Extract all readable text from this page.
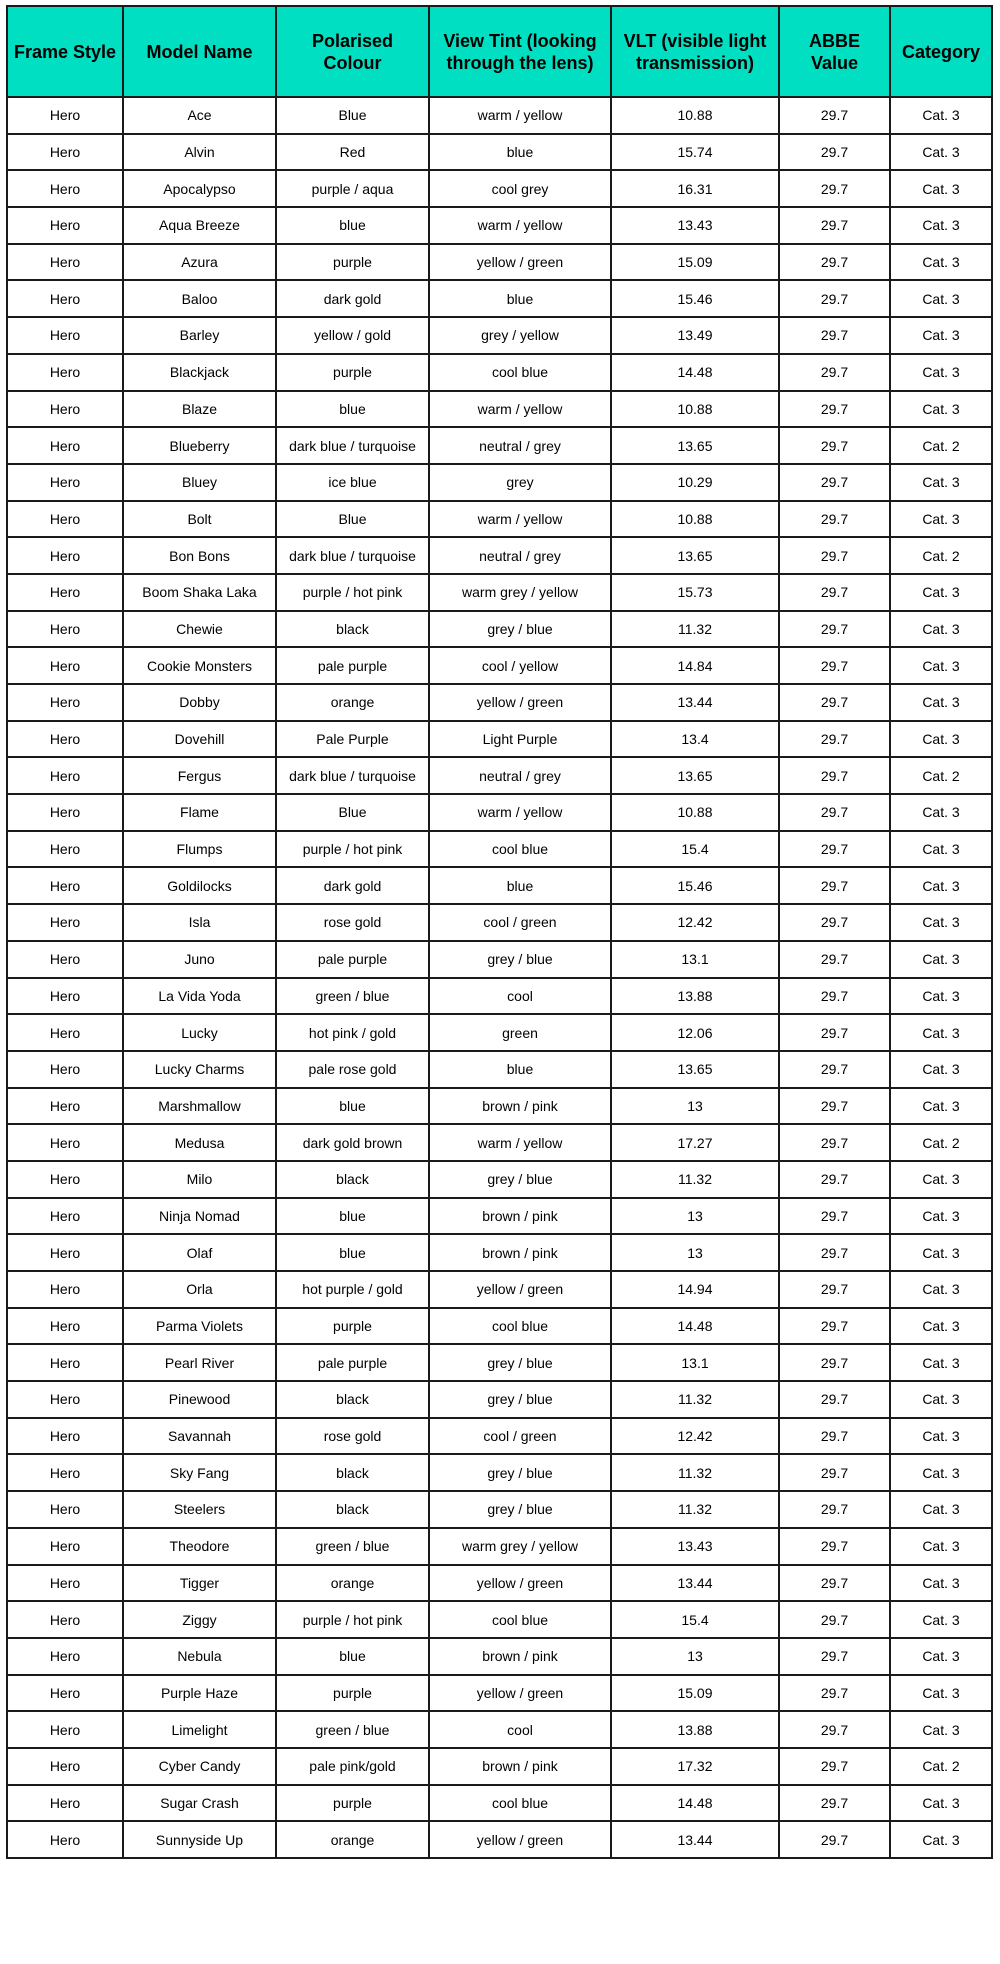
Frame Style	Model Name	Polarised Colour	View Tint (looking through the lens)	VLT (visible light transmission)	ABBE Value	Category
Hero	Ace	Blue	warm / yellow	10.88	29.7	Cat. 3
Hero	Alvin	Red	blue	15.74	29.7	Cat. 3
Hero	Apocalypso	purple / aqua	cool grey	16.31	29.7	Cat. 3
Hero	Aqua Breeze	blue	warm / yellow	13.43	29.7	Cat. 3
Hero	Azura	purple	yellow / green	15.09	29.7	Cat. 3
Hero	Baloo	dark gold	blue	15.46	29.7	Cat. 3
Hero	Barley	yellow / gold	grey / yellow	13.49	29.7	Cat. 3
Hero	Blackjack	purple	cool blue	14.48	29.7	Cat. 3
Hero	Blaze	blue	warm / yellow	10.88	29.7	Cat. 3
Hero	Blueberry	dark blue / turquoise	neutral / grey	13.65	29.7	Cat. 2
Hero	Bluey	ice blue	grey	10.29	29.7	Cat. 3
Hero	Bolt	Blue	warm / yellow	10.88	29.7	Cat. 3
Hero	Bon Bons	dark blue / turquoise	neutral / grey	13.65	29.7	Cat. 2
Hero	Boom Shaka Laka	purple / hot pink	warm grey / yellow	15.73	29.7	Cat. 3
Hero	Chewie	black	grey / blue	11.32	29.7	Cat. 3
Hero	Cookie Monsters	pale purple	cool / yellow	14.84	29.7	Cat. 3
Hero	Dobby	orange	yellow / green	13.44	29.7	Cat. 3
Hero	Dovehill	Pale Purple	Light Purple	13.4	29.7	Cat. 3
Hero	Fergus	dark blue / turquoise	neutral / grey	13.65	29.7	Cat. 2
Hero	Flame	Blue	warm / yellow	10.88	29.7	Cat. 3
Hero	Flumps	purple / hot pink	cool blue	15.4	29.7	Cat. 3
Hero	Goldilocks	dark gold	blue	15.46	29.7	Cat. 3
Hero	Isla	rose gold	cool / green	12.42	29.7	Cat. 3
Hero	Juno	pale purple	grey / blue	13.1	29.7	Cat. 3
Hero	La Vida Yoda	green / blue	cool	13.88	29.7	Cat. 3
Hero	Lucky	hot pink / gold	green	12.06	29.7	Cat. 3
Hero	Lucky Charms	pale rose gold	blue	13.65	29.7	Cat. 3
Hero	Marshmallow	blue	brown / pink	13	29.7	Cat. 3
Hero	Medusa	dark gold brown	warm / yellow	17.27	29.7	Cat. 2
Hero	Milo	black	grey / blue	11.32	29.7	Cat. 3
Hero	Ninja Nomad	blue	brown / pink	13	29.7	Cat. 3
Hero	Olaf	blue	brown / pink	13	29.7	Cat. 3
Hero	Orla	hot purple / gold	yellow / green	14.94	29.7	Cat. 3
Hero	Parma Violets	purple	cool blue	14.48	29.7	Cat. 3
Hero	Pearl River	pale purple	grey / blue	13.1	29.7	Cat. 3
Hero	Pinewood	black	grey / blue	11.32	29.7	Cat. 3
Hero	Savannah	rose gold	cool / green	12.42	29.7	Cat. 3
Hero	Sky Fang	black	grey / blue	11.32	29.7	Cat. 3
Hero	Steelers	black	grey / blue	11.32	29.7	Cat. 3
Hero	Theodore	green / blue	warm grey / yellow	13.43	29.7	Cat. 3
Hero	Tigger	orange	yellow / green	13.44	29.7	Cat. 3
Hero	Ziggy	purple / hot pink	cool blue	15.4	29.7	Cat. 3
Hero	Nebula	blue	brown / pink	13	29.7	Cat. 3
Hero	Purple Haze	purple	yellow / green	15.09	29.7	Cat. 3
Hero	Limelight	green / blue	cool	13.88	29.7	Cat. 3
Hero	Cyber Candy	pale pink/gold	brown / pink	17.32	29.7	Cat. 2
Hero	Sugar Crash	purple	cool blue	14.48	29.7	Cat. 3
Hero	Sunnyside Up	orange	yellow / green	13.44	29.7	Cat. 3
